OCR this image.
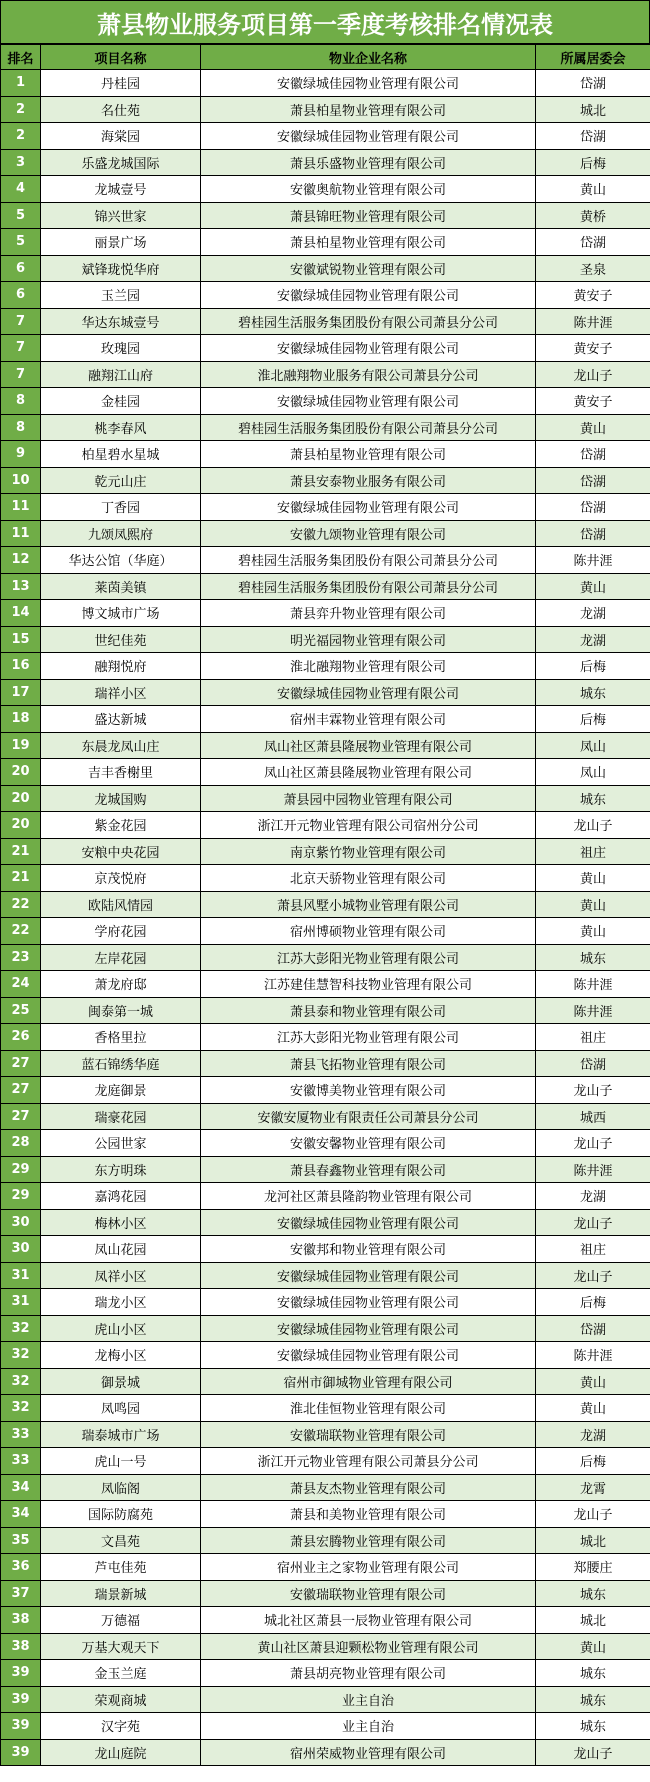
萧县物业服务项目第一季度考核排名情况表
排名	项目名称	物业企业名称	所属居委会
1	丹桂园	安徽绿城佳园物业管理有限公司	岱湖
2	名仕苑	萧县柏星物业管理有限公司	城北
2	海棠园	安徽绿城佳园物业管理有限公司	岱湖
3	乐盛龙城国际	萧县乐盛物业管理有限公司	后梅
4	龙城壹号	安徽奥航物业管理有限公司	黄山
5	锦兴世家	萧县锦旺物业管理有限公司	黄桥
5	丽景广场	萧县柏星物业管理有限公司	岱湖
6	斌锋珑悦华府	安徽斌锐物业管理有限公司	圣泉
6	玉兰园	安徽绿城佳园物业管理有限公司	黄安子
7	华达东城壹号	碧桂园生活服务集团股份有限公司萧县分公司	陈井涯
7	玫瑰园	安徽绿城佳园物业管理有限公司	黄安子
7	融翔江山府	淮北融翔物业服务有限公司萧县分公司	龙山子
8	金桂园	安徽绿城佳园物业管理有限公司	黄安子
8	桃李春风	碧桂园生活服务集团股份有限公司萧县分公司	黄山
9	柏星碧水星城	萧县柏星物业管理有限公司	岱湖
10	乾元山庄	萧县安泰物业服务有限公司	岱湖
11	丁香园	安徽绿城佳园物业管理有限公司	岱湖
11	九颂凤熙府	安徽九颂物业管理有限公司	岱湖
12	华达公馆（华庭）	碧桂园生活服务集团股份有限公司萧县分公司	陈井涯
13	莱茵美镇	碧桂园生活服务集团股份有限公司萧县分公司	黄山
14	博文城市广场	萧县弈升物业管理有限公司	龙湖
15	世纪佳苑	明光福园物业管理有限公司	龙湖
16	融翔悦府	淮北融翔物业管理有限公司	后梅
17	瑞祥小区	安徽绿城佳园物业管理有限公司	城东
18	盛达新城	宿州丰霖物业管理有限公司	后梅
19	东晨龙凤山庄	凤山社区萧县隆展物业管理有限公司	凤山
20	吉丰香榭里	凤山社区萧县隆展物业管理有限公司	凤山
20	龙城国购	萧县园中园物业管理有限公司	城东
20	紫金花园	浙江开元物业管理有限公司宿州分公司	龙山子
21	安粮中央花园	南京紫竹物业管理有限公司	祖庄
21	京茂悦府	北京天骄物业管理有限公司	黄山
22	欧陆风情园	萧县风墅小城物业管理有限公司	黄山
22	学府花园	宿州博硕物业管理有限公司	黄山
23	左岸花园	江苏大彭阳光物业管理有限公司	城东
24	萧龙府邸	江苏建佳慧智科技物业管理有限公司	陈井涯
25	闽泰第一城	萧县泰和物业管理有限公司	陈井涯
26	香格里拉	江苏大彭阳光物业管理有限公司	祖庄
27	蓝石锦绣华庭	萧县飞拓物业管理有限公司	岱湖
27	龙庭御景	安徽博美物业管理有限公司	龙山子
27	瑞豪花园	安徽安厦物业有限责任公司萧县分公司	城西
28	公园世家	安徽安馨物业管理有限公司	龙山子
29	东方明珠	萧县春鑫物业管理有限公司	陈井涯
29	嘉鸿花园	龙河社区萧县隆韵物业管理有限公司	龙湖
30	梅林小区	安徽绿城佳园物业管理有限公司	龙山子
30	凤山花园	安徽邦和物业管理有限公司	祖庄
31	凤祥小区	安徽绿城佳园物业管理有限公司	龙山子
31	瑞龙小区	安徽绿城佳园物业管理有限公司	后梅
32	虎山小区	安徽绿城佳园物业管理有限公司	岱湖
32	龙梅小区	安徽绿城佳园物业管理有限公司	陈井涯
32	御景城	宿州市御城物业管理有限公司	黄山
32	凤鸣园	淮北佳恒物业管理有限公司	黄山
33	瑞泰城市广场	安徽瑞联物业管理有限公司	龙湖
33	虎山一号	浙江开元物业管理有限公司萧县分公司	后梅
34	凤临阁	萧县友杰物业管理有限公司	龙霄
34	国际防腐苑	萧县和美物业管理有限公司	龙山子
35	文昌苑	萧县宏腾物业管理有限公司	城北
36	芦屯佳苑	宿州业主之家物业管理有限公司	郑腰庄
37	瑞景新城	安徽瑞联物业管理有限公司	城东
38	万德福	城北社区萧县一辰物业管理有限公司	城北
38	万基大观天下	黄山社区萧县迎颗松物业管理有限公司	黄山
39	金玉兰庭	萧县胡亮物业管理有限公司	城东
39	荣观商城	业主自治	城东
39	汉字苑	业主自治	城东
39	龙山庭院	宿州荣威物业管理有限公司	龙山子
